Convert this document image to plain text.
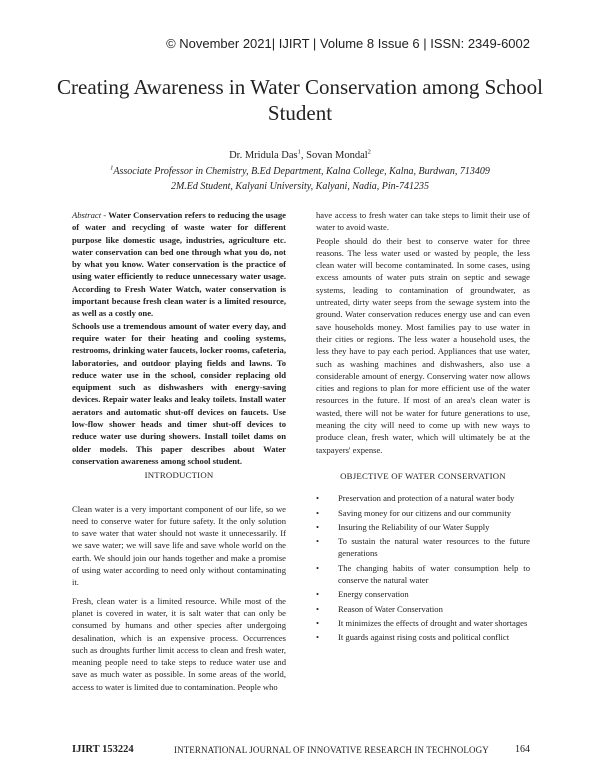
© November 2021| IJIRT | Volume 8 Issue 6 | ISSN: 2349-6002
Creating Awareness in Water Conservation among School
Student
Dr. Mridula Das$^1$, Sovan Mondal$^2$
$^1$Associate Professor in Chemistry, B.Ed Department, Kalna College, Kalna, Burdwan, 713409
2M.Ed Student, Kalyani University, Kalyani, Nadia, Pin-741235

Abstract - Water Conservation refers to reducing the usage of water and recycling of waste water for different purpose like domestic usage, industries, agriculture etc. water conservation can bed one through what you do, not by what you know. Water conservation is the practice of using water efficiently to reduce unnecessary water usage. According to Fresh Water Watch, water conservation is important because fresh clean water is a limited resource, as well as a costly one.

Schools use a tremendous amount of water every day, and require water for their heating and cooling systems, restrooms, drinking water faucets, locker rooms, cafeteria, laboratories, and outdoor playing fields and lawns. To reduce water use in the school, consider replacing old equipment such as dishwashers with energy-saving devices. Repair water leaks and leaky toilets. Install water aerators and automatic shut-off devices on faucets. Use low-flow shower heads and timer shut-off devices to reduce water use during showers. Install toilet dams on older models. This paper describes about Water conservation awareness among school student.

INTRODUCTION

Clean water is a very important component of our life, so we need to conserve water for future safety. It the only solution to save water that water should not waste it unnecessarily. If we save water; we will save life and save whole world on the earth. We should join our hands together and make a promise of using water according to need only without contaminating it.

Fresh, clean water is a limited resource. While most of the planet is covered in water, it is salt water that can only be consumed by humans and other species after undergoing desalination, which is an expensive process. Occurrences such as droughts further limit access to clean and fresh water, meaning people need to take steps to reduce water use and save as much water as possible. In some areas of the world, access to water is limited due to contamination. People who

have access to fresh water can take steps to limit their use of water to avoid waste.

People should do their best to conserve water for three reasons. The less water used or wasted by people, the less clean water will become contaminated. In some cases, using excess amounts of water puts strain on septic and sewage systems, leading to contamination of groundwater, as untreated, dirty water seeps from the sewage system into the ground. Water conservation reduces energy use and can even save households money. Most families pay to use water in their cities or regions. The less water a household uses, the less they have to pay each period. Appliances that use water, such as washing machines and dishwashers, also use a considerable amount of energy. Conserving water now allows cities and regions to plan for more efficient use of the water resources in the future. If most of an area's clean water is wasted, there will not be water for future generations to use, meaning the city will need to come up with new ways to produce clean, fresh water, which will ultimately be at the taxpayers' expense.

OBJECTIVE OF WATER CONSERVATION
• Preservation and protection of a natural water body
• Saving money for our citizens and our community
• Insuring the Reliability of our Water Supply
• To sustain the natural water resources to the future generations
• The changing habits of water consumption help to conserve the natural water
• Energy conservation
• Reason of Water Conservation
• It minimizes the effects of drought and water shortages
• It guards against rising costs and political conflict
IJIRT 153224	INTERNATIONAL JOURNAL OF INNOVATIVE RESEARCH IN TECHNOLOGY	164
